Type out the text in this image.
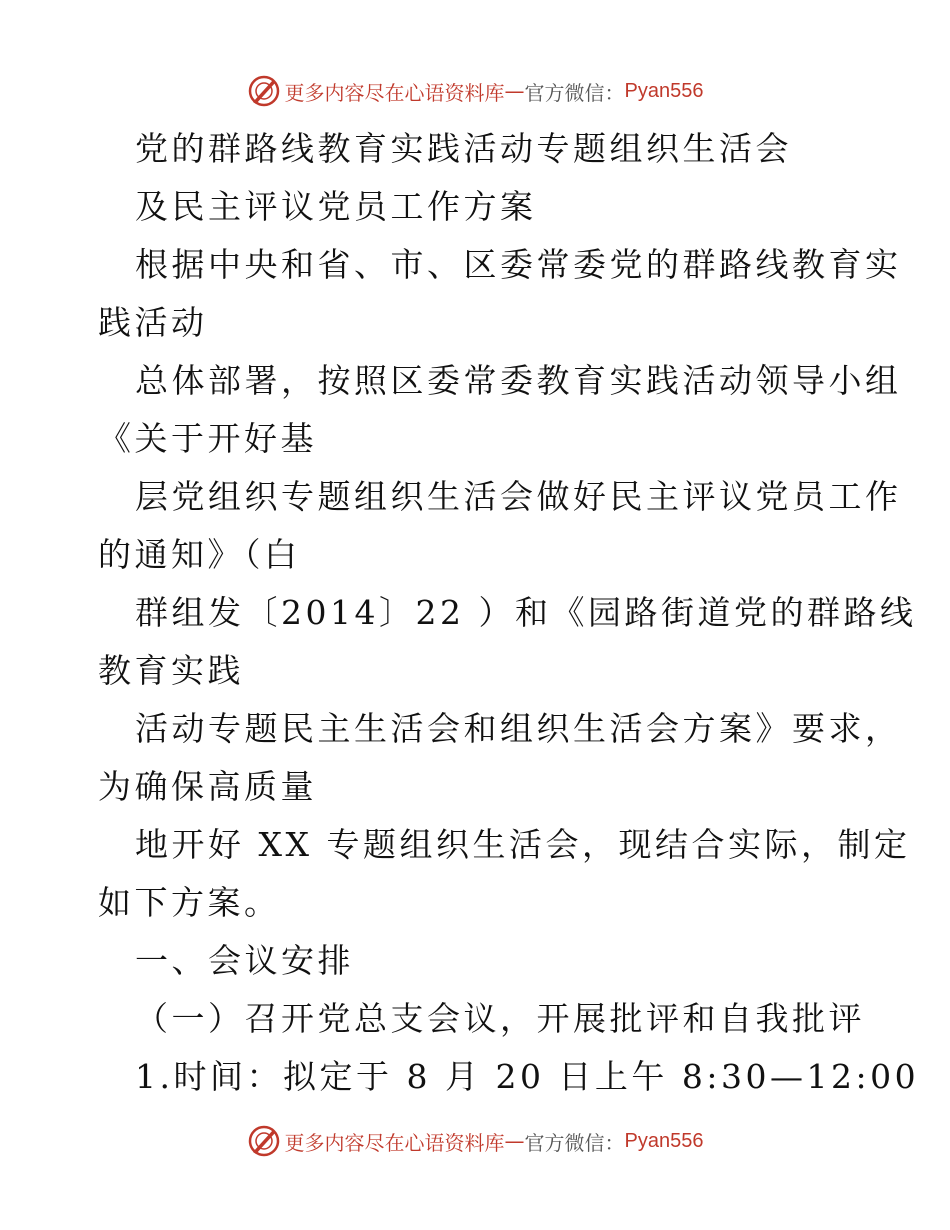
更多内容尽在心语资料库 — 官方微信： Pyan556

党的群路线教育实践活动专题组织生活会

及民主评议党员工作方案

根据中央和省、市、区委常委党的群路线教育实

践活动

总体部署，按照区委常委教育实践活动领导小组

《关于开好基

层党组织专题组织生活会做好民主评议党员工作

的通知》（白

群组发〔2014〕22 ）和《园路街道党的群路线

教育实践

活动专题民主生活会和组织生活会方案》要求，

为确保高质量

地开好 XX 专题组织生活会，现结合实际，制定

如下方案。

一、会议安排

（一）召开党总支会议，开展批评和自我批评

1.时间：拟定于 8 月 20 日上午 8:30—12:00

更多内容尽在心语资料库 — 官方微信： Pyan556
